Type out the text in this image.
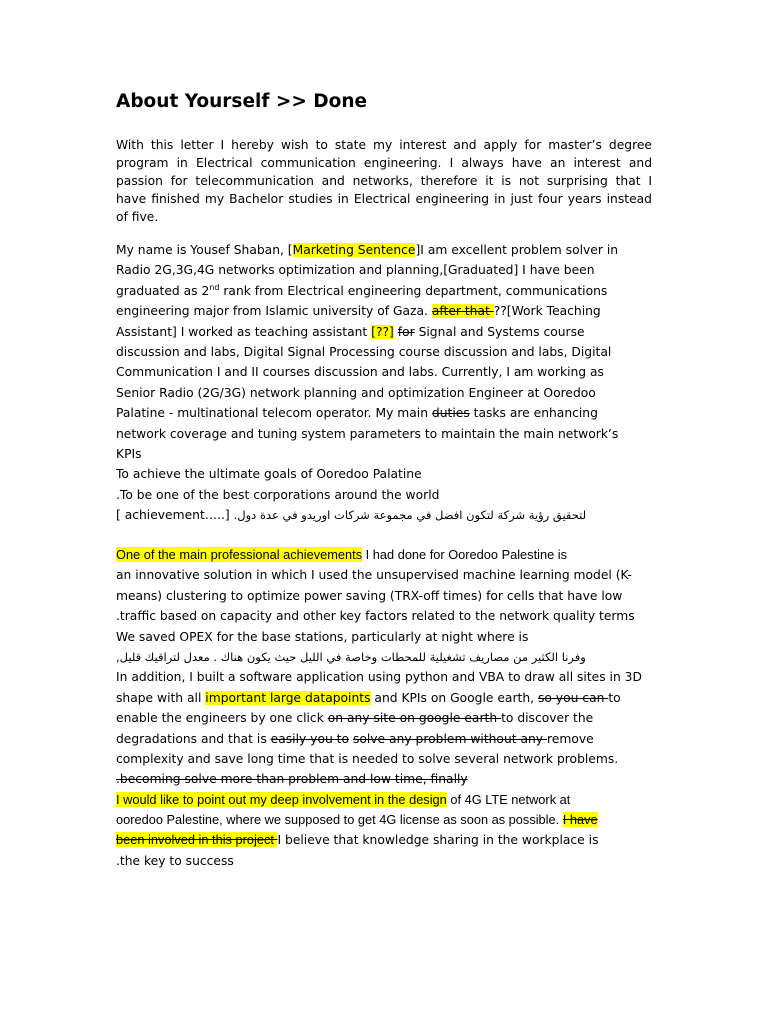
About Yourself >> Done
With this letter I hereby wish to state my interest and apply for master’s degree
program in Electrical communication engineering. I always have an interest and
passion for telecommunication and networks, therefore it is not surprising that I
have finished my Bachelor studies in Electrical engineering in just four years instead
of five.
My name is Yousef Shaban, [Marketing Sentence]I am excellent problem solver in
Radio 2G,3G,4G networks optimization and planning,[Graduated] I have been
graduated as 2nd rank from Electrical engineering department, communications
engineering major from Islamic university of Gaza. after that ??[Work Teaching
Assistant] I worked as teaching assistant [??] for Signal and Systems course
discussion and labs, Digital Signal Processing course discussion and labs, Digital
Communication I and II courses discussion and labs. Currently, I am working as
Senior Radio (2G/3G) network planning and optimization Engineer at Ooredoo
Palatine - multinational telecom operator. My main duties tasks are enhancing
network coverage and tuning system parameters to maintain the main network’s
KPIs
To achieve the ultimate goals of Ooredoo Palatine
.To be one of the best corporations around the world
[ achievement…..] لتحقيق رؤية شركة لتكون افضل في مجموعة شركات اوريدو في عدة دول.
One of the main professional achievements I had done for Ooredoo Palestine is
an innovative solution in which I used the unsupervised machine learning model (K-
means) clustering to optimize power saving (TRX-off times) for cells that have low
.traffic based on capacity and other key factors related to the network quality terms
We saved OPEX for the base stations, particularly at night where is
وفرنا الكثير من مصاريف تشغيلية للمحطات وخاصة في الليل حيث يكون هناك . معدل لتراقيك قليل,
In addition, I built a software application using python and VBA to draw all sites in 3D
shape with all important large datapoints and KPIs on Google earth, so you can to
enable the engineers by one click on any site on google earth to discover the
degradations and that is easily you to solve any problem without any remove
complexity and save long time that is needed to solve several network problems.
.becoming solve more than problem and low time, finally
I would like to point out my deep involvement in the design of 4G LTE network at
ooredoo Palestine, where we supposed to get 4G license as soon as possible. I have
been involved in this project I believe that knowledge sharing in the workplace is
.the key to success
